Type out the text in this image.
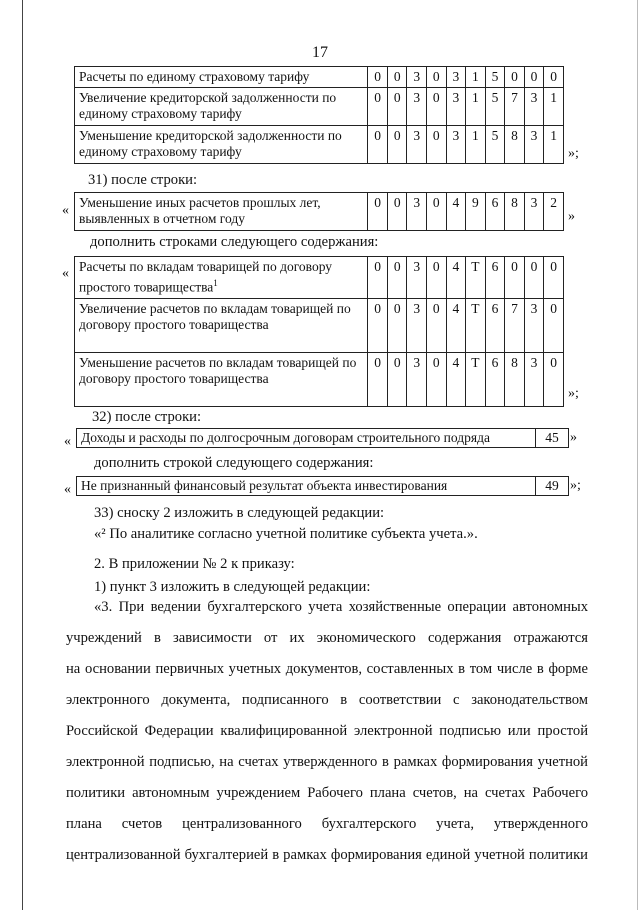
17
Расчеты по единому страховому тарифу	0	0	3	0	3	1	5	0	0	0
Увеличение кредиторской задолженности по единому страховому тарифу	0	0	3	0	3	1	5	7	3	1
Уменьшение кредиторской задолженности по единому страховому тарифу	0	0	3	0	3	1	5	8	3	1
»;
31) после строки:
«
Уменьшение иных расчетов прошлых лет, выявленных в отчетном году	0	0	3	0	4	9	6	8	3	2
»
дополнить строками следующего содержания:
« Расчеты по вкладам товарищей по договору простого товарищества$^1$	0	0	3	0	4	Т	6	0	0	0
Увеличение расчетов по вкладам товарищей по договору простого товарищества	0	0	3	0	4	Т	6	7	3	0
Уменьшение расчетов по вкладам товарищей по договору простого товарищества	0	0	3	0	4	Т	6	8	3	0
»;
32) после строки:
« Доходы и расходы по долгосрочным договорам строительного подряда	45 »
дополнить строкой следующего содержания:
« Не признанный финансовый результат объекта инвестирования	49 »;
33) сноску 2 изложить в следующей редакции:
«² По аналитике согласно учетной политике субъекта учета.».
2. В приложении № 2 к приказу:
1) пункт 3 изложить в следующей редакции:
«3. При ведении бухгалтерского учета хозяйственные операции автономных
учреждений в зависимости от их экономического содержания отражаются
на основании первичных учетных документов, составленных в том числе в форме
электронного документа, подписанного в соответствии с законодательством
Российской Федерации квалифицированной электронной подписью или простой
электронной подписью, на счетах утвержденного в рамках формирования учетной
политики автономным учреждением Рабочего плана счетов, на счетах Рабочего
плана счетов централизованного бухгалтерского учета, утвержденного
централизованной бухгалтерией в рамках формирования единой учетной политики
